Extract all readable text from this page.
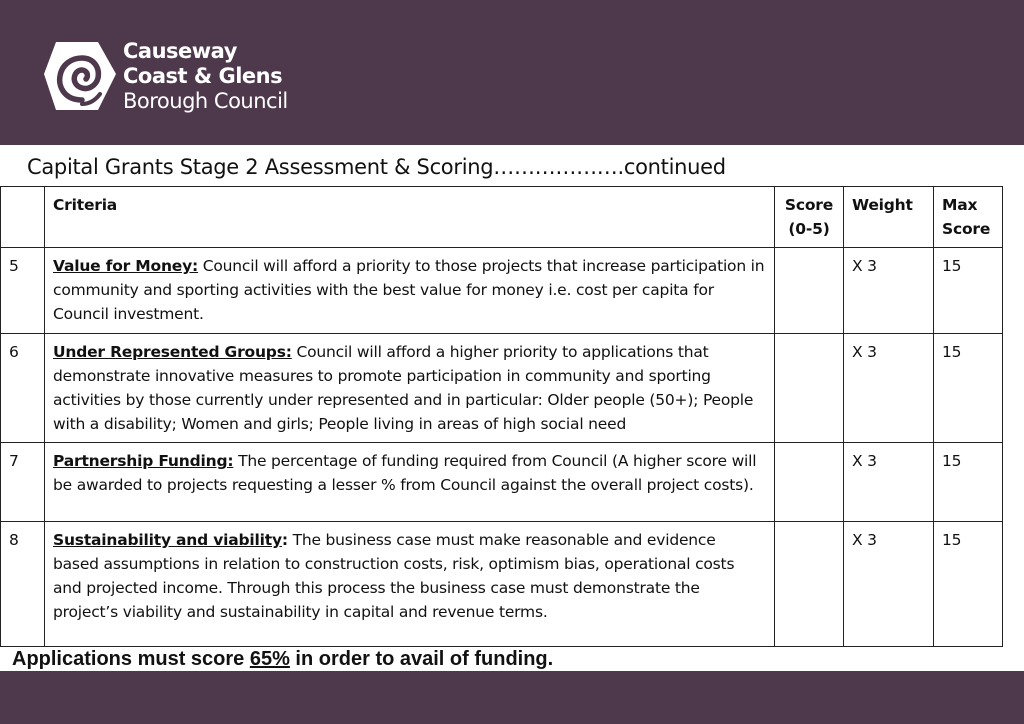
Causeway
Coast & Glens
Borough Council
Capital Grants Stage 2 Assessment & Scoring……………….continued
	Criteria	Score (0-5)	Weight	Max Score
5	Value for Money: Council will afford a priority to those projects that increase participation in community and sporting activities with the best value for money i.e. cost per capita for Council investment.		X 3	15
6	Under Represented Groups: Council will afford a higher priority to applications that demonstrate innovative measures to promote participation in community and sporting activities by those currently under represented and in particular: Older people (50+); People with a disability; Women and girls; People living in areas of high social need		X 3	15
7	Partnership Funding: The percentage of funding required from Council (A higher score will be awarded to projects requesting a lesser % from Council against the overall project costs).		X 3	15
8	Sustainability and viability: The business case must make reasonable and evidence based assumptions in relation to construction costs, risk, optimism bias, operational costs and projected income. Through this process the business case must demonstrate the project’s viability and sustainability in capital and revenue terms.		X 3	15
Applications must score 65% in order to avail of funding.
